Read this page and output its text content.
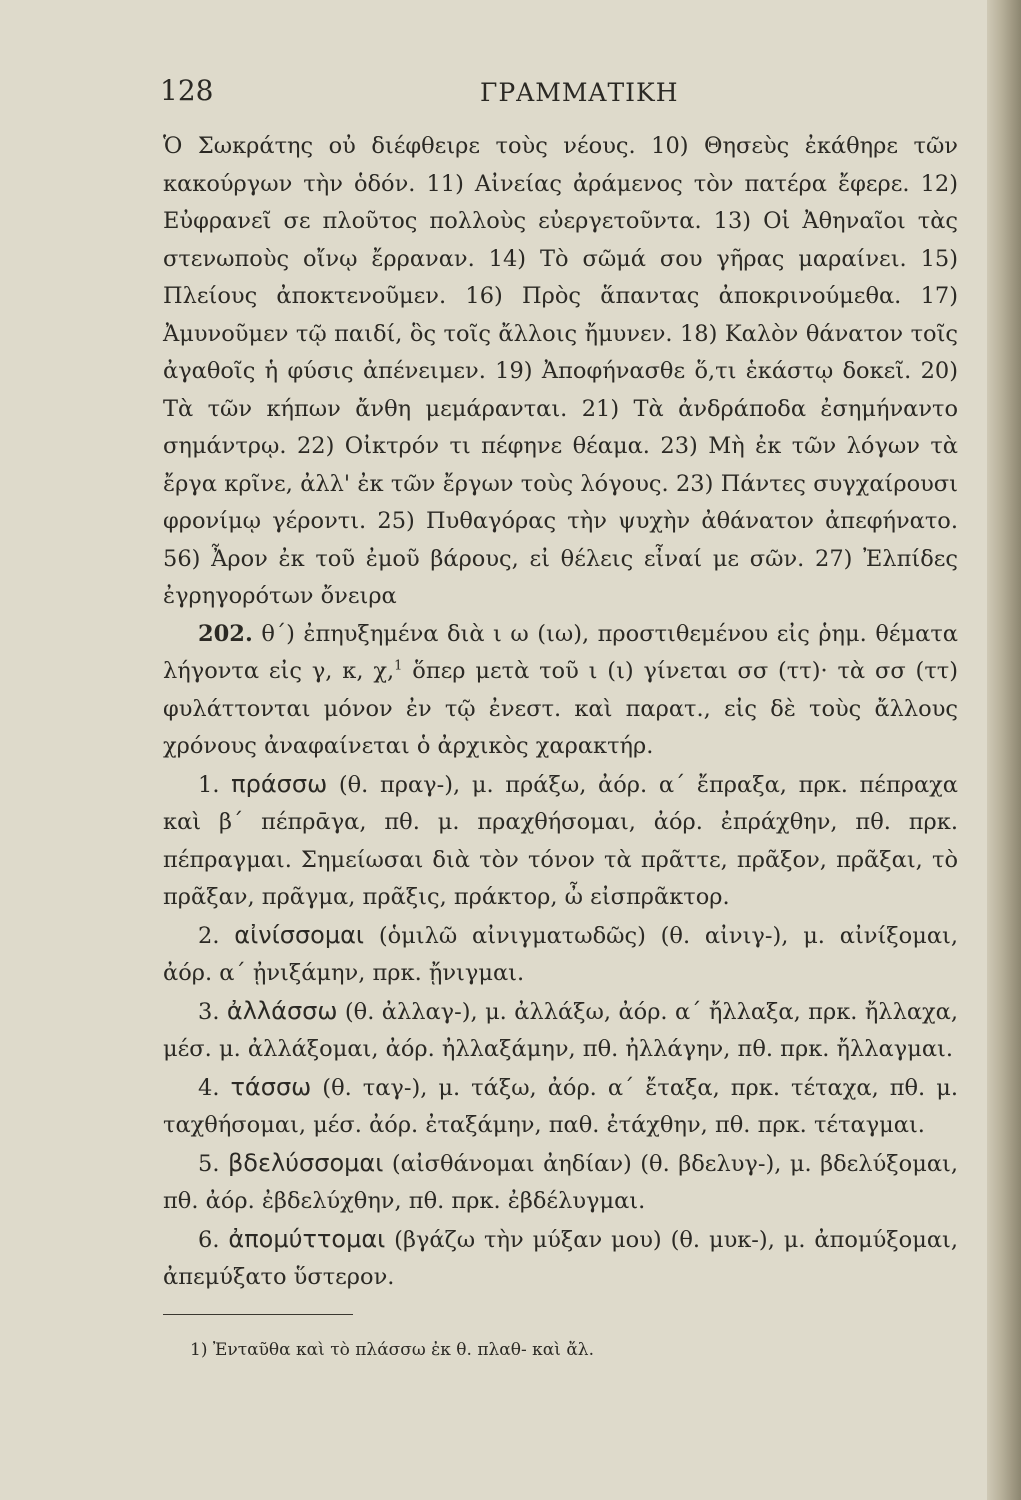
128	ΓΡΑΜΜΑΤΙΚΗ

Ὁ Σωκράτης οὐ διέφθειρε τοὺς νέους. 10) Θησεὺς ἐκάθηρε τῶν κακούργων τὴν ὁδόν. 11) Αἰνείας ἀράμενος τὸν πατέρα ἔφερε. 12) Εὐφρανεῖ σε πλοῦτος πολλοὺς εὐεργετοῦντα. 13) Οἱ Ἀθηναῖοι τὰς στενωποὺς οἴνῳ ἔρραναν. 14) Τὸ σῶμά σου γῆρας μαραίνει. 15) Πλείους ἀποκτενοῦμεν. 16) Πρὸς ἅπαντας ἀποκρινούμεθα. 17) Ἀμυνοῦμεν τῷ παιδί, ὃς τοῖς ἄλλοις ἤμυνεν. 18) Καλὸν θάνατον τοῖς ἀγαθοῖς ἡ φύσις ἀπένειμεν. 19) Ἀποφήνασθε ὅ,τι ἑκάστῳ δοκεῖ. 20) Τὰ τῶν κήπων ἄνθη μεμάρανται. 21) Τὰ ἀνδράποδα ἐσημήναντο σημάντρῳ. 22) Οἰκτρόν τι πέφηνε θέαμα. 23) Μὴ ἐκ τῶν λόγων τὰ ἔργα κρῖνε, ἀλλ' ἐκ τῶν ἔργων τοὺς λόγους. 23) Πάντες συγχαίρουσι φρονίμῳ γέροντι. 25) Πυθαγόρας τὴν ψυχὴν ἀθάνατον ἀπεφήνατο. 56) Ἆρον ἐκ τοῦ ἐμοῦ βάρους, εἰ θέλεις εἶναί με σῶν. 27) Ἐλπίδες ἐγρηγορότων ὄνειρα

202. θ΄) ἐπηυξημένα διὰ ι ω (ιω), προστιθεμένου εἰς ῥημ. θέματα λήγοντα εἰς γ, κ, χ,$^1$ ὅπερ μετὰ τοῦ ι (ι) γίνεται σσ (ττ)· τὰ σσ (ττ) φυλάττονται μόνον ἐν τῷ ἐνεστ. καὶ παρατ., εἰς δὲ τοὺς ἄλλους χρόνους ἀναφαίνεται ὁ ἀρχικὸς χαρακτήρ.

1. πράσσω (θ. πραγ-), μ. πράξω, ἀόρ. α΄ ἔπραξα, πρκ. πέπραχα καὶ β΄ πέπρᾱγα, πθ. μ. πραχθήσομαι, ἀόρ. ἐπράχθην, πθ. πρκ. πέπραγμαι. Σημείωσαι διὰ τὸν τόνον τὰ πρᾶττε, πρᾶξον, πρᾶξαι, τὸ πρᾶξαν, πρᾶγμα, πρᾶξις, πράκτορ, ὦ εἰσπρᾶκτορ.

2. αἰνίσσομαι (ὁμιλῶ αἰνιγματωδῶς) (θ. αἰνιγ-), μ. αἰνίξομαι, ἀόρ. α΄ ᾐνιξάμην, πρκ. ᾔνιγμαι.

3. ἀλλάσσω (θ. ἀλλαγ-), μ. ἀλλάξω, ἀόρ. α΄ ἤλλαξα, πρκ. ἤλλαχα, μέσ. μ. ἀλλάξομαι, ἀόρ. ἠλλαξάμην, πθ. ἠλλάγην, πθ. πρκ. ἤλλαγμαι.

4. τάσσω (θ. ταγ-), μ. τάξω, ἀόρ. α΄ ἔταξα, πρκ. τέταχα, πθ. μ. ταχθήσομαι, μέσ. ἀόρ. ἐταξάμην, παθ. ἐτάχθην, πθ. πρκ. τέταγμαι.

5. βδελύσσομαι (αἰσθάνομαι ἀηδίαν) (θ. βδελυγ-), μ. βδελύξομαι, πθ. ἀόρ. ἐβδελύχθην, πθ. πρκ. ἐβδέλυγμαι.

6. ἀπομύττομαι (βγάζω τὴν μύξαν μου) (θ. μυκ-), μ. ἀπομύξομαι, ἀπεμύξατο ὕστερον.

1) Ἐνταῦθα καὶ τὸ πλάσσω ἐκ θ. πλαθ- καὶ ἄλ.
